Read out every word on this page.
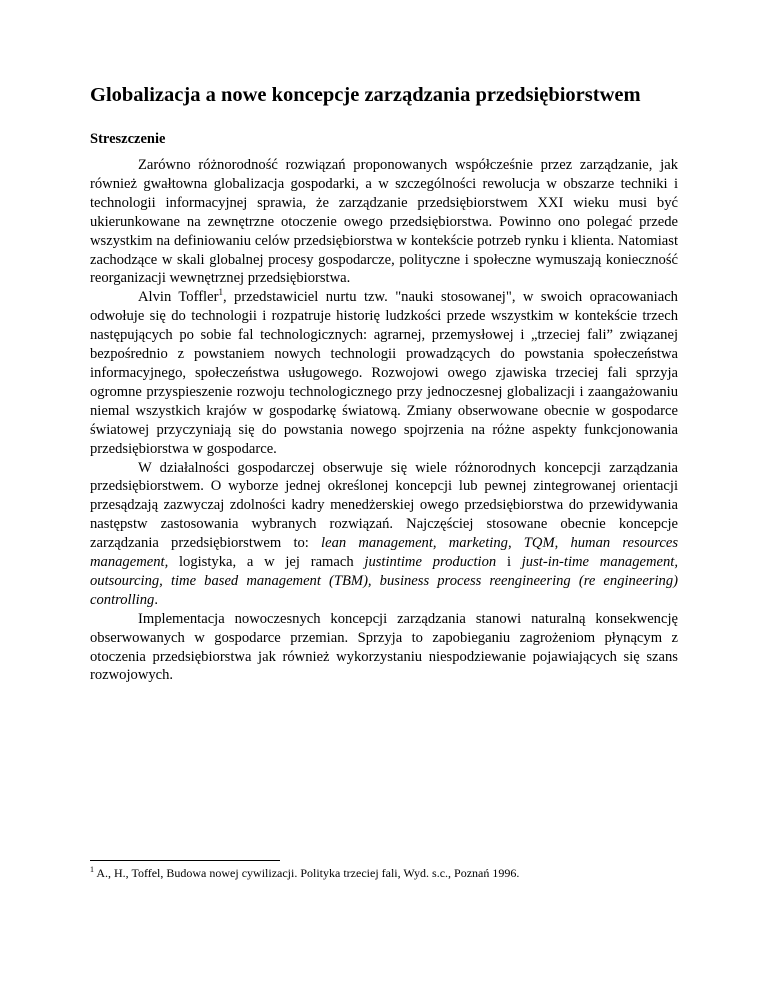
Globalizacja a nowe koncepcje zarządzania przedsiębiorstwem
Streszczenie

Zarówno różnorodność rozwiązań proponowanych współcześnie przez zarządzanie, jak również gwałtowna globalizacja gospodarki, a w szczególności rewolucja w obszarze techniki i technologii informacyjnej sprawia, że zarządzanie przedsiębiorstwem XXI wieku musi być ukierunkowane na zewnętrzne otoczenie owego przedsiębiorstwa. Powinno ono polegać przede wszystkim na definiowaniu celów przedsiębiorstwa w kontekście potrzeb rynku i klienta. Natomiast zachodzące w skali globalnej procesy gospodarcze, polityczne i społeczne wymuszają konieczność reorganizacji wewnętrznej przedsiębiorstwa.

Alvin Toffler$^1$, przedstawiciel nurtu tzw. "nauki stosowanej", w swoich opracowaniach odwołuje się do technologii i rozpatruje historię ludzkości przede wszystkim w kontekście trzech następujących po sobie fal technologicznych: agrarnej, przemysłowej i „trzeciej fali” związanej bezpośrednio z powstaniem nowych technologii prowadzących do powstania społeczeństwa informacyjnego, społeczeństwa usługowego. Rozwojowi owego zjawiska trzeciej fali sprzyja ogromne przyspieszenie rozwoju technologicznego przy jednoczesnej globalizacji i zaangażowaniu niemal wszystkich krajów w gospodarkę światową. Zmiany obserwowane obecnie w gospodarce światowej przyczyniają się do powstania nowego spojrzenia na różne aspekty funkcjonowania przedsiębiorstwa w gospodarce.

W działalności gospodarczej obserwuje się wiele różnorodnych koncepcji zarządzania przedsiębiorstwem. O wyborze jednej określonej koncepcji lub pewnej zintegrowanej orientacji przesądzają zazwyczaj zdolności kadry menedżerskiej owego przedsiębiorstwa do przewidywania następstw zastosowania wybranych rozwiązań. Najczęściej stosowane obecnie koncepcje zarządzania przedsiębiorstwem to: lean management, marketing, TQM, human resources management, logistyka, a w jej ramach justintime production i just-in-time management, outsourcing, time based management (TBM), business process reengineering (re engineering) controlling.

Implementacja nowoczesnych koncepcji zarządzania stanowi naturalną konsekwencję obserwowanych w gospodarce przemian. Sprzyja to zapobieganiu zagrożeniom płynącym z otoczenia przedsiębiorstwa jak również wykorzystaniu niespodziewanie pojawiających się szans rozwojowych.

$^1$ A., H., Toffel, Budowa nowej cywilizacji. Polityka trzeciej fali, Wyd. s.c., Poznań 1996.
